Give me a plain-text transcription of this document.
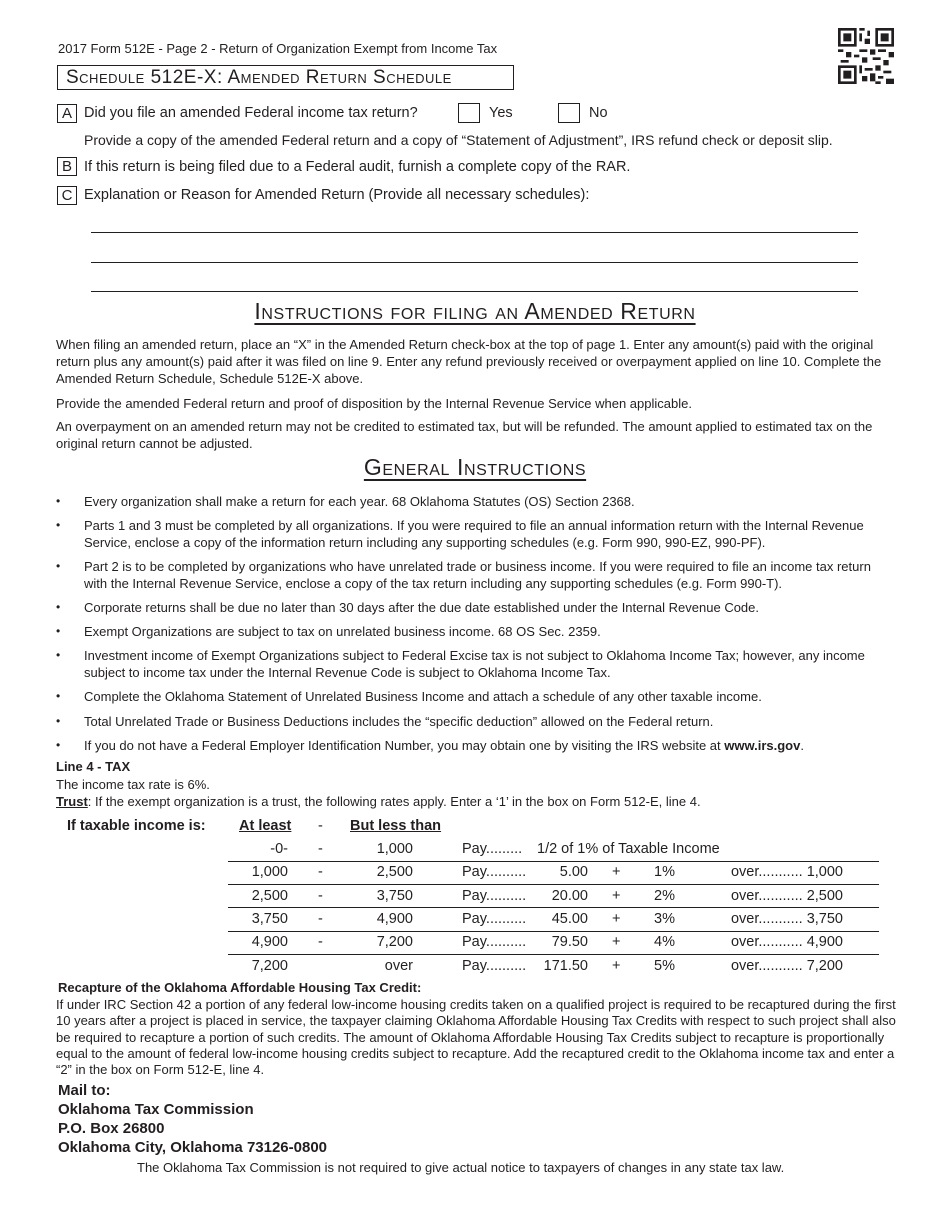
2017 Form 512E - Page 2 - Return of Organization Exempt from Income Tax
Schedule 512E-X: Amended Return Schedule
A Did you file an amended Federal income tax return?	Yes	No
Provide a copy of the amended Federal return and a copy of “Statement of Adjustment”, IRS refund check or deposit slip.
B If this return is being filed due to a Federal audit, furnish a complete copy of the RAR.
C Explanation or Reason for Amended Return (Provide all necessary schedules):
Instructions for filing an Amended Return
When filing an amended return, place an “X” in the Amended Return check-box at the top of page 1. Enter any amount(s) paid with the original return plus any amount(s) paid after it was filed on line 9. Enter any refund previously received or overpayment applied on line 10. Complete the Amended Return Schedule, Schedule 512E-X above.
Provide the amended Federal return and proof of disposition by the Internal Revenue Service when applicable.
An overpayment on an amended return may not be credited to estimated tax, but will be refunded. The amount applied to estimated tax on the original return cannot be adjusted.
General Instructions
• Every organization shall make a return for each year. 68 Oklahoma Statutes (OS) Section 2368.
• Parts 1 and 3 must be completed by all organizations. If you were required to file an annual information return with the Internal Revenue Service, enclose a copy of the information return including any supporting schedules (e.g. Form 990, 990-EZ, 990-PF).
• Part 2 is to be completed by organizations who have unrelated trade or business income. If you were required to file an income tax return with the Internal Revenue Service, enclose a copy of the tax return including any supporting schedules (e.g. Form 990-T).
• Corporate returns shall be due no later than 30 days after the due date established under the Internal Revenue Code.
• Exempt Organizations are subject to tax on unrelated business income. 68 OS Sec. 2359.
• Investment income of Exempt Organizations subject to Federal Excise tax is not subject to Oklahoma Income Tax; however, any income subject to income tax under the Internal Revenue Code is subject to Oklahoma Income Tax.
• Complete the Oklahoma Statement of Unrelated Business Income and attach a schedule of any other taxable income.
• Total Unrelated Trade or Business Deductions includes the “specific deduction” allowed on the Federal return.
• If you do not have a Federal Employer Identification Number, you may obtain one by visiting the IRS website at www.irs.gov.
Line 4 - TAX
The income tax rate is 6%.
Trust: If the exempt organization is a trust, the following rates apply. Enter a ‘1’ in the box on Form 512-E, line 4.
If taxable income is: At least - But less than
-0- -	1,000	Pay......... 1/2 of 1% of Taxable Income
1,000 -	2,500	Pay..........	5.00 + 1%	over........... 1,000
2,500 -	3,750	Pay..........	20.00 + 2%	over........... 2,500
3,750 -	4,900	Pay..........	45.00 + 3%	over........... 3,750
4,900 -	7,200	Pay..........	79.50 + 4%	over........... 4,900
7,200	over	Pay..........	171.50 + 5%	over........... 7,200
Recapture of the Oklahoma Affordable Housing Tax Credit:
If under IRC Section 42 a portion of any federal low-income housing credits taken on a qualified project is required to be recaptured during the first 10 years after a project is placed in service, the taxpayer claiming Oklahoma Affordable Housing Tax Credits with respect to such project shall also be required to recapture a portion of such credits. The amount of Oklahoma Affordable Housing Tax Credits subject to recapture is proportionally equal to the amount of federal low-income housing credits subject to recapture. Add the recaptured credit to the Oklahoma income tax and enter a “2” in the box on Form 512-E, line 4.
Mail to:
Oklahoma Tax Commission
P.O. Box 26800
Oklahoma City, Oklahoma 73126-0800
The Oklahoma Tax Commission is not required to give actual notice to taxpayers of changes in any state tax law.
